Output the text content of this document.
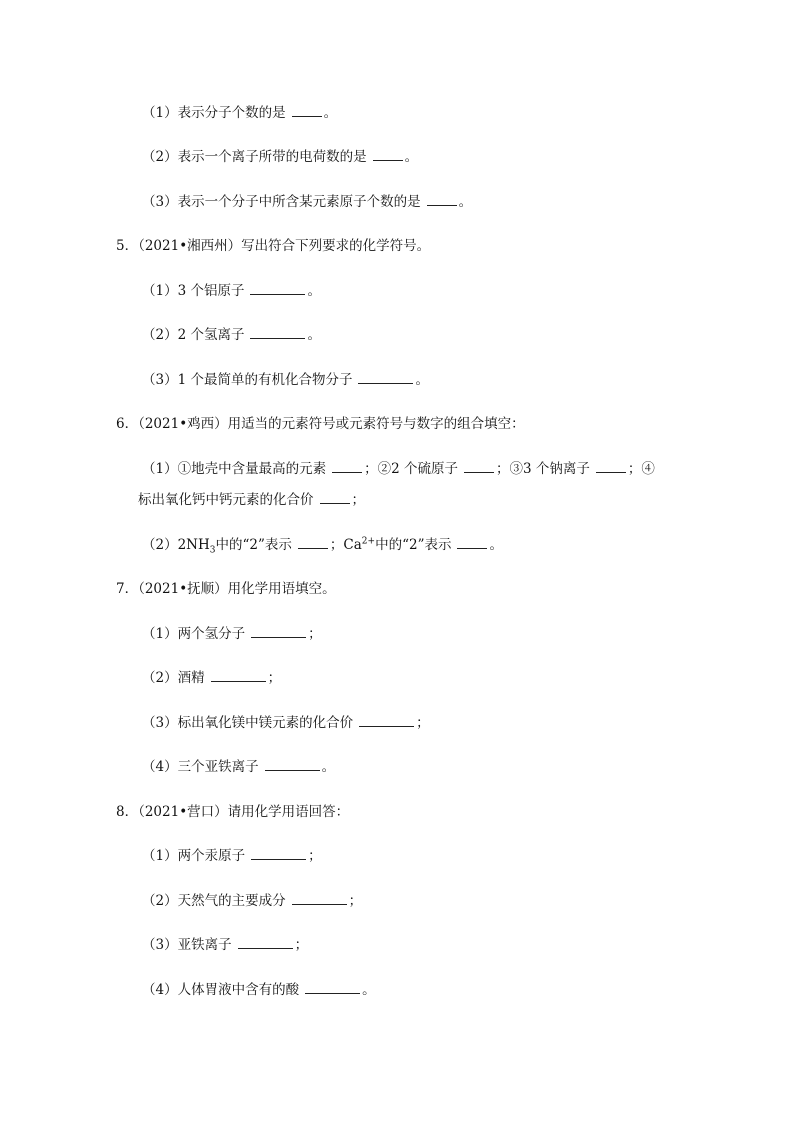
（1）表示分子个数的是	。
（2）表示一个离子所带的电荷数的是	。
（3）表示一个分子中所含某元素原子个数的是	。
5．（2021•湘西州）写出符合下列要求的化学符号。
（1）3 个铝原子	。
（2）2 个氢离子	。
（3）1 个最简单的有机化合物分子	。
6．（2021•鸡西）用适当的元素符号或元素符号与数字的组合填空：
（1）①地壳中含量最高的元素	；②2 个硫原子	；③3 个钠离子	；④
标出氧化钙中钙元素的化合价	；
$(2)2NH_3$中的“2”表示	；$Ca^{2+}$中的“2”表示	。
7．（2021•抚顺）用化学用语填空。
（1）两个氢分子	；
（2）酒精	；
（3）标出氧化镁中镁元素的化合价	；
（4）三个亚铁离子	。
8．（2021•营口）请用化学用语回答：
（1）两个汞原子	；
（2）天然气的主要成分	；
（3）亚铁离子	；
（4）人体胃液中含有的酸	。
